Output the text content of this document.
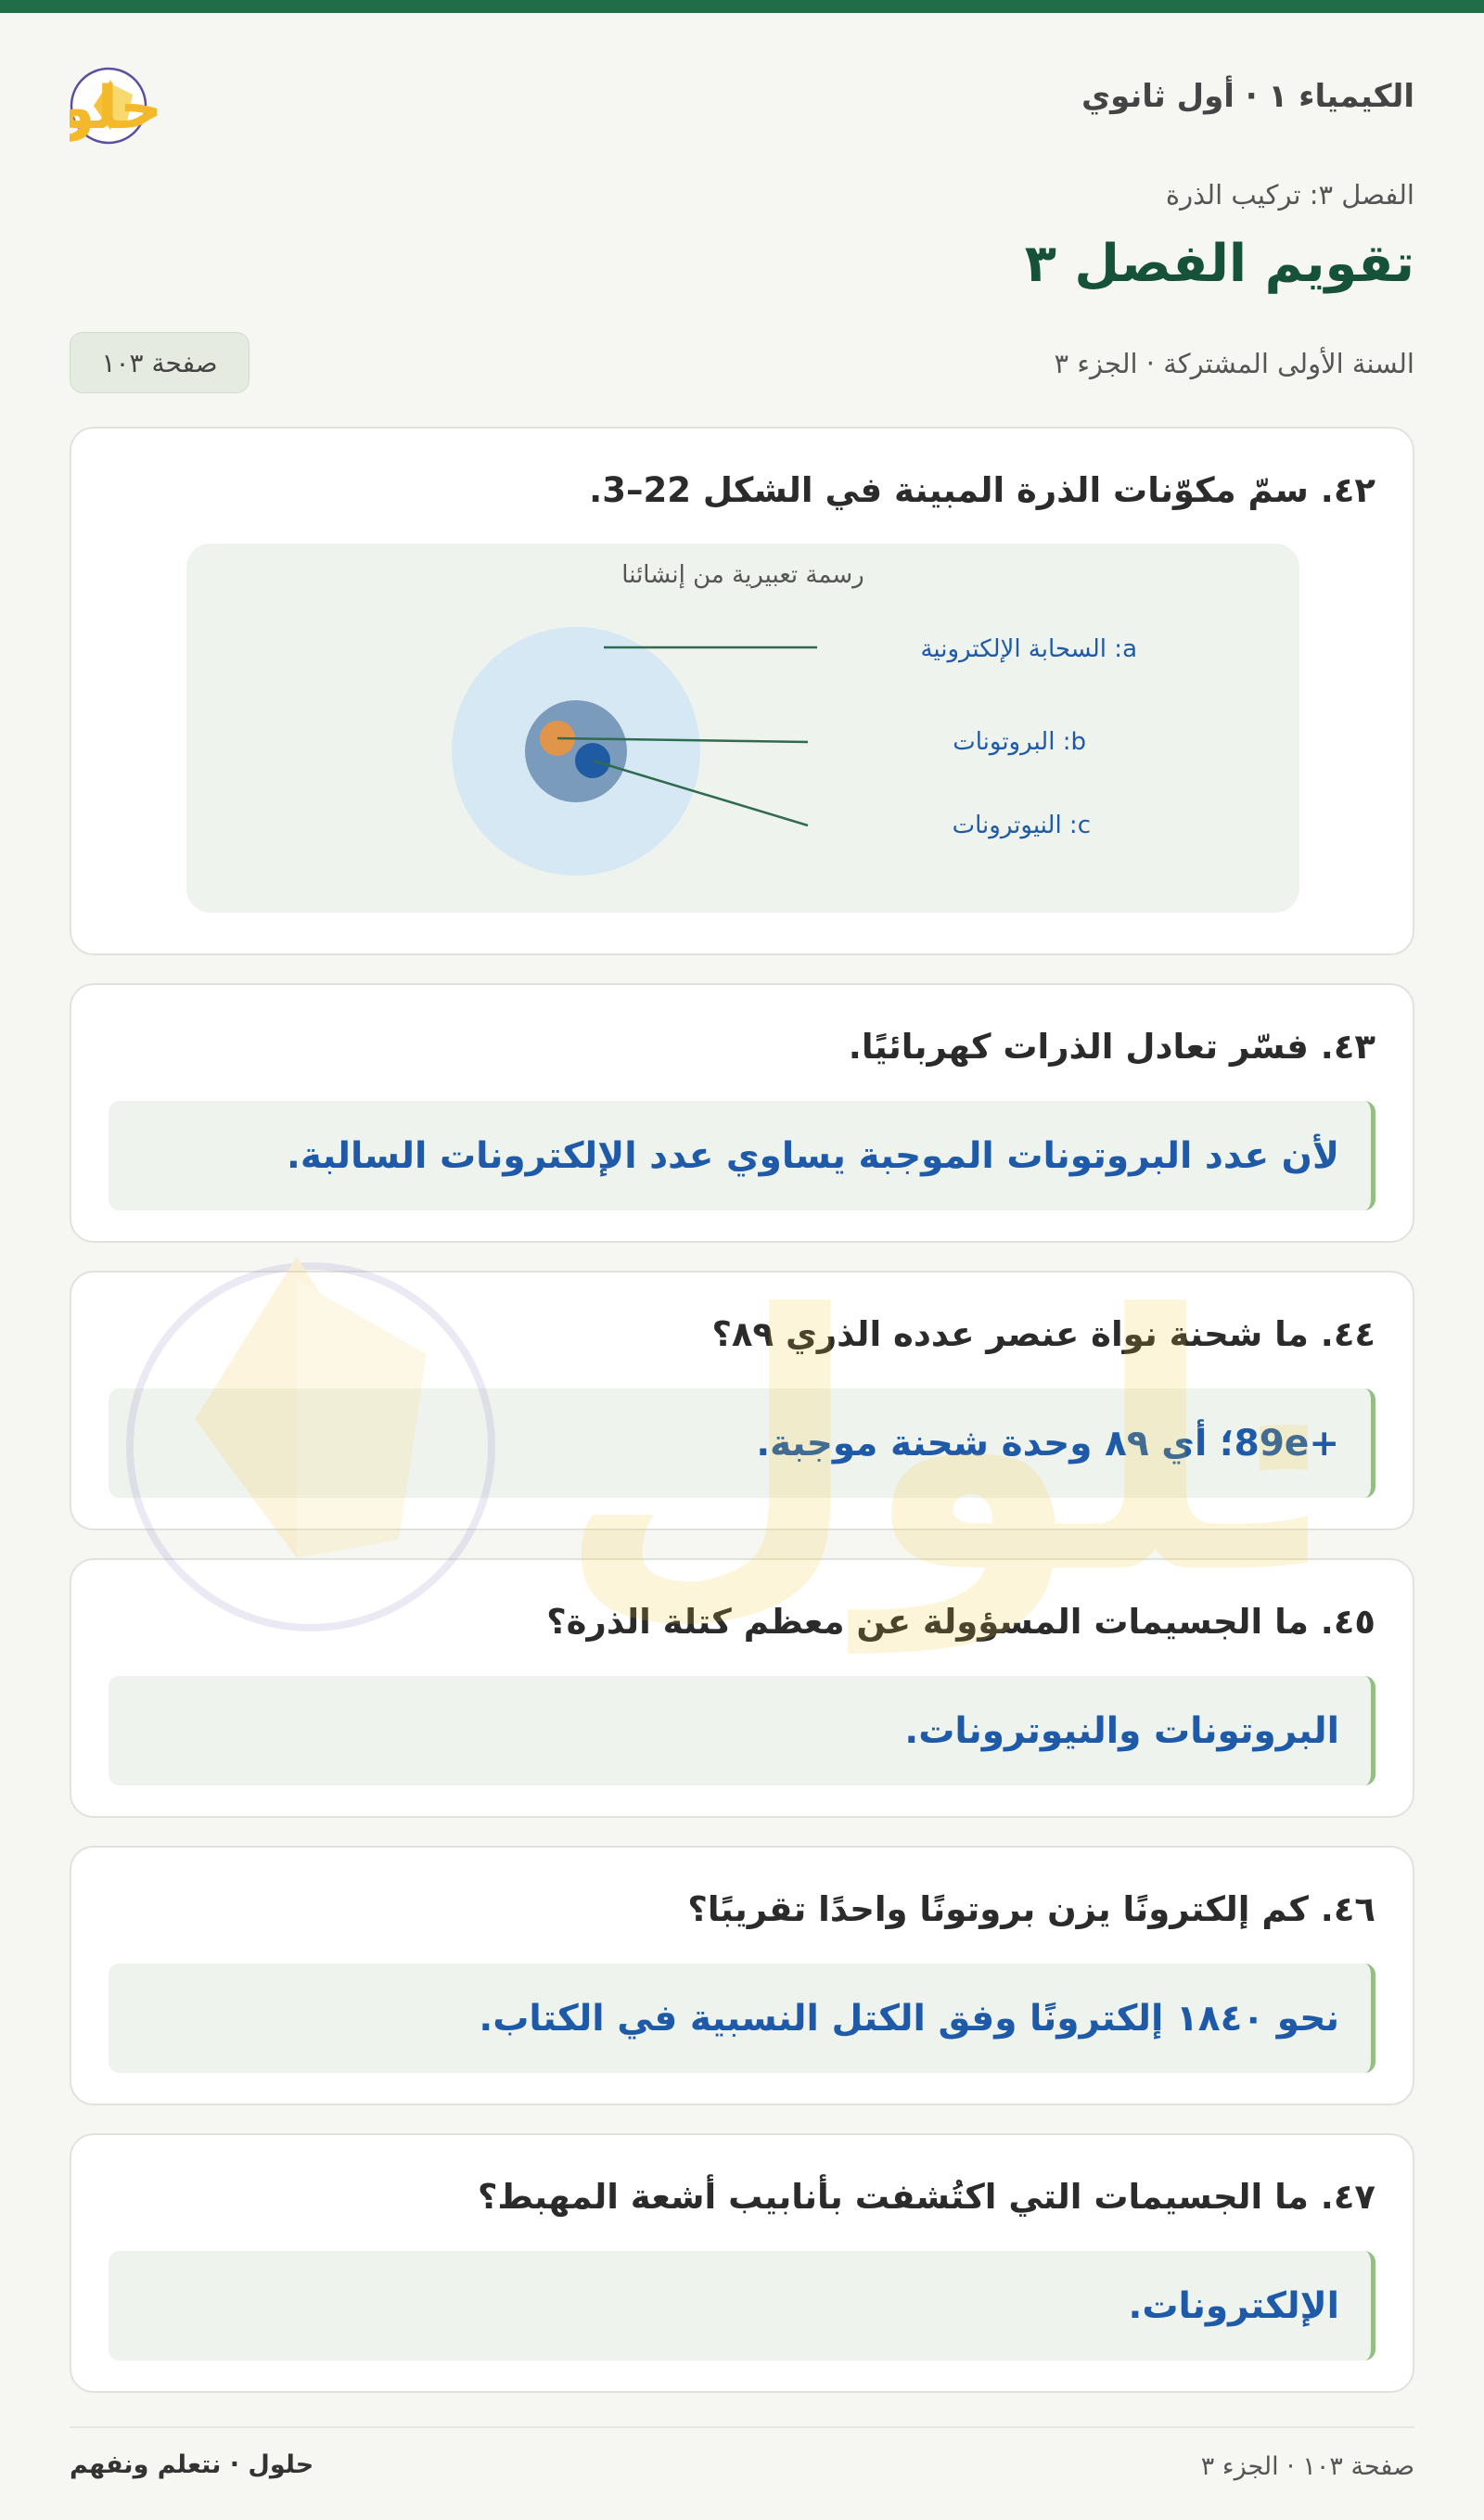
الكيمياء ١ · أول ثانوي
حلو
الفصل ٣: تركيب الذرة
تقويم الفصل ٣
السنة الأولى المشتركة · الجزء ٣
صفحة ١٠٣
٤٢. سمّ مكوّنات الذرة المبينة في الشكل 22–3.
رسمة تعبيرية من إنشائنا
a: السحابة الإلكترونية
b: البروتونات
c: النيوترونات
٤٣. فسّر تعادل الذرات كهربائيًا.
لأن عدد البروتونات الموجبة يساوي عدد الإلكترونات السالبة.
٤٤. ما شحنة نواة عنصر عدده الذري ٨٩؟
+89e؛ أي ٨٩ وحدة شحنة موجبة.
٤٥. ما الجسيمات المسؤولة عن معظم كتلة الذرة؟
البروتونات والنيوترونات.
٤٦. كم إلكترونًا يزن بروتونًا واحدًا تقريبًا؟
نحو ١٨٤٠ إلكترونًا وفق الكتل النسبية في الكتاب.
٤٧. ما الجسيمات التي اكتُشفت بأنابيب أشعة المهبط؟
الإلكترونات.
صفحة ١٠٣ · الجزء ٣
حلول · نتعلم ونفهم
